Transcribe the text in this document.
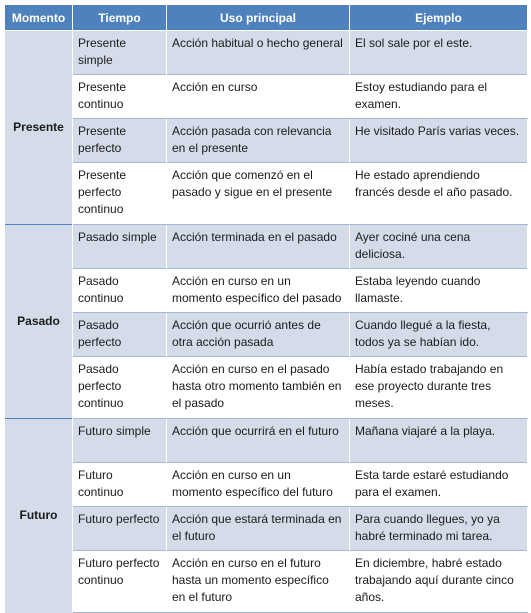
Momento	Tiempo	Uso principal	Ejemplo
Presente	Presente simple	Acción habitual o hecho general	El sol sale por el este.
	Presente continuo	Acción en curso	Estoy estudiando para el examen.
	Presente perfecto	Acción pasada con relevancia en el presente	He visitado París varias veces.
	Presente perfecto continuo	Acción que comenzó en el pasado y sigue en el presente	He estado aprendiendo francés desde el año pasado.
Pasado	Pasado simple	Acción terminada en el pasado	Ayer cociné una cena deliciosa.
	Pasado continuo	Acción en curso en un momento específico del pasado	Estaba leyendo cuando llamaste.
	Pasado perfecto	Acción que ocurrió antes de otra acción pasada	Cuando llegué a la fiesta, todos ya se habían ido.
	Pasado perfecto continuo	Acción en curso en el pasado hasta otro momento también en el pasado	Había estado trabajando en ese proyecto durante tres meses.
Futuro	Futuro simple	Acción que ocurrirá en el futuro	Mañana viajaré a la playa.
	Futuro continuo	Acción en curso en un momento específico del futuro	Esta tarde estaré estudiando para el examen.
	Futuro perfecto	Acción que estará terminada en el futuro	Para cuando llegues, yo ya habré terminado mi tarea.
	Futuro perfecto continuo	Acción en curso en el futuro hasta un momento específico en el futuro	En diciembre, habré estado trabajando aquí durante cinco años.
